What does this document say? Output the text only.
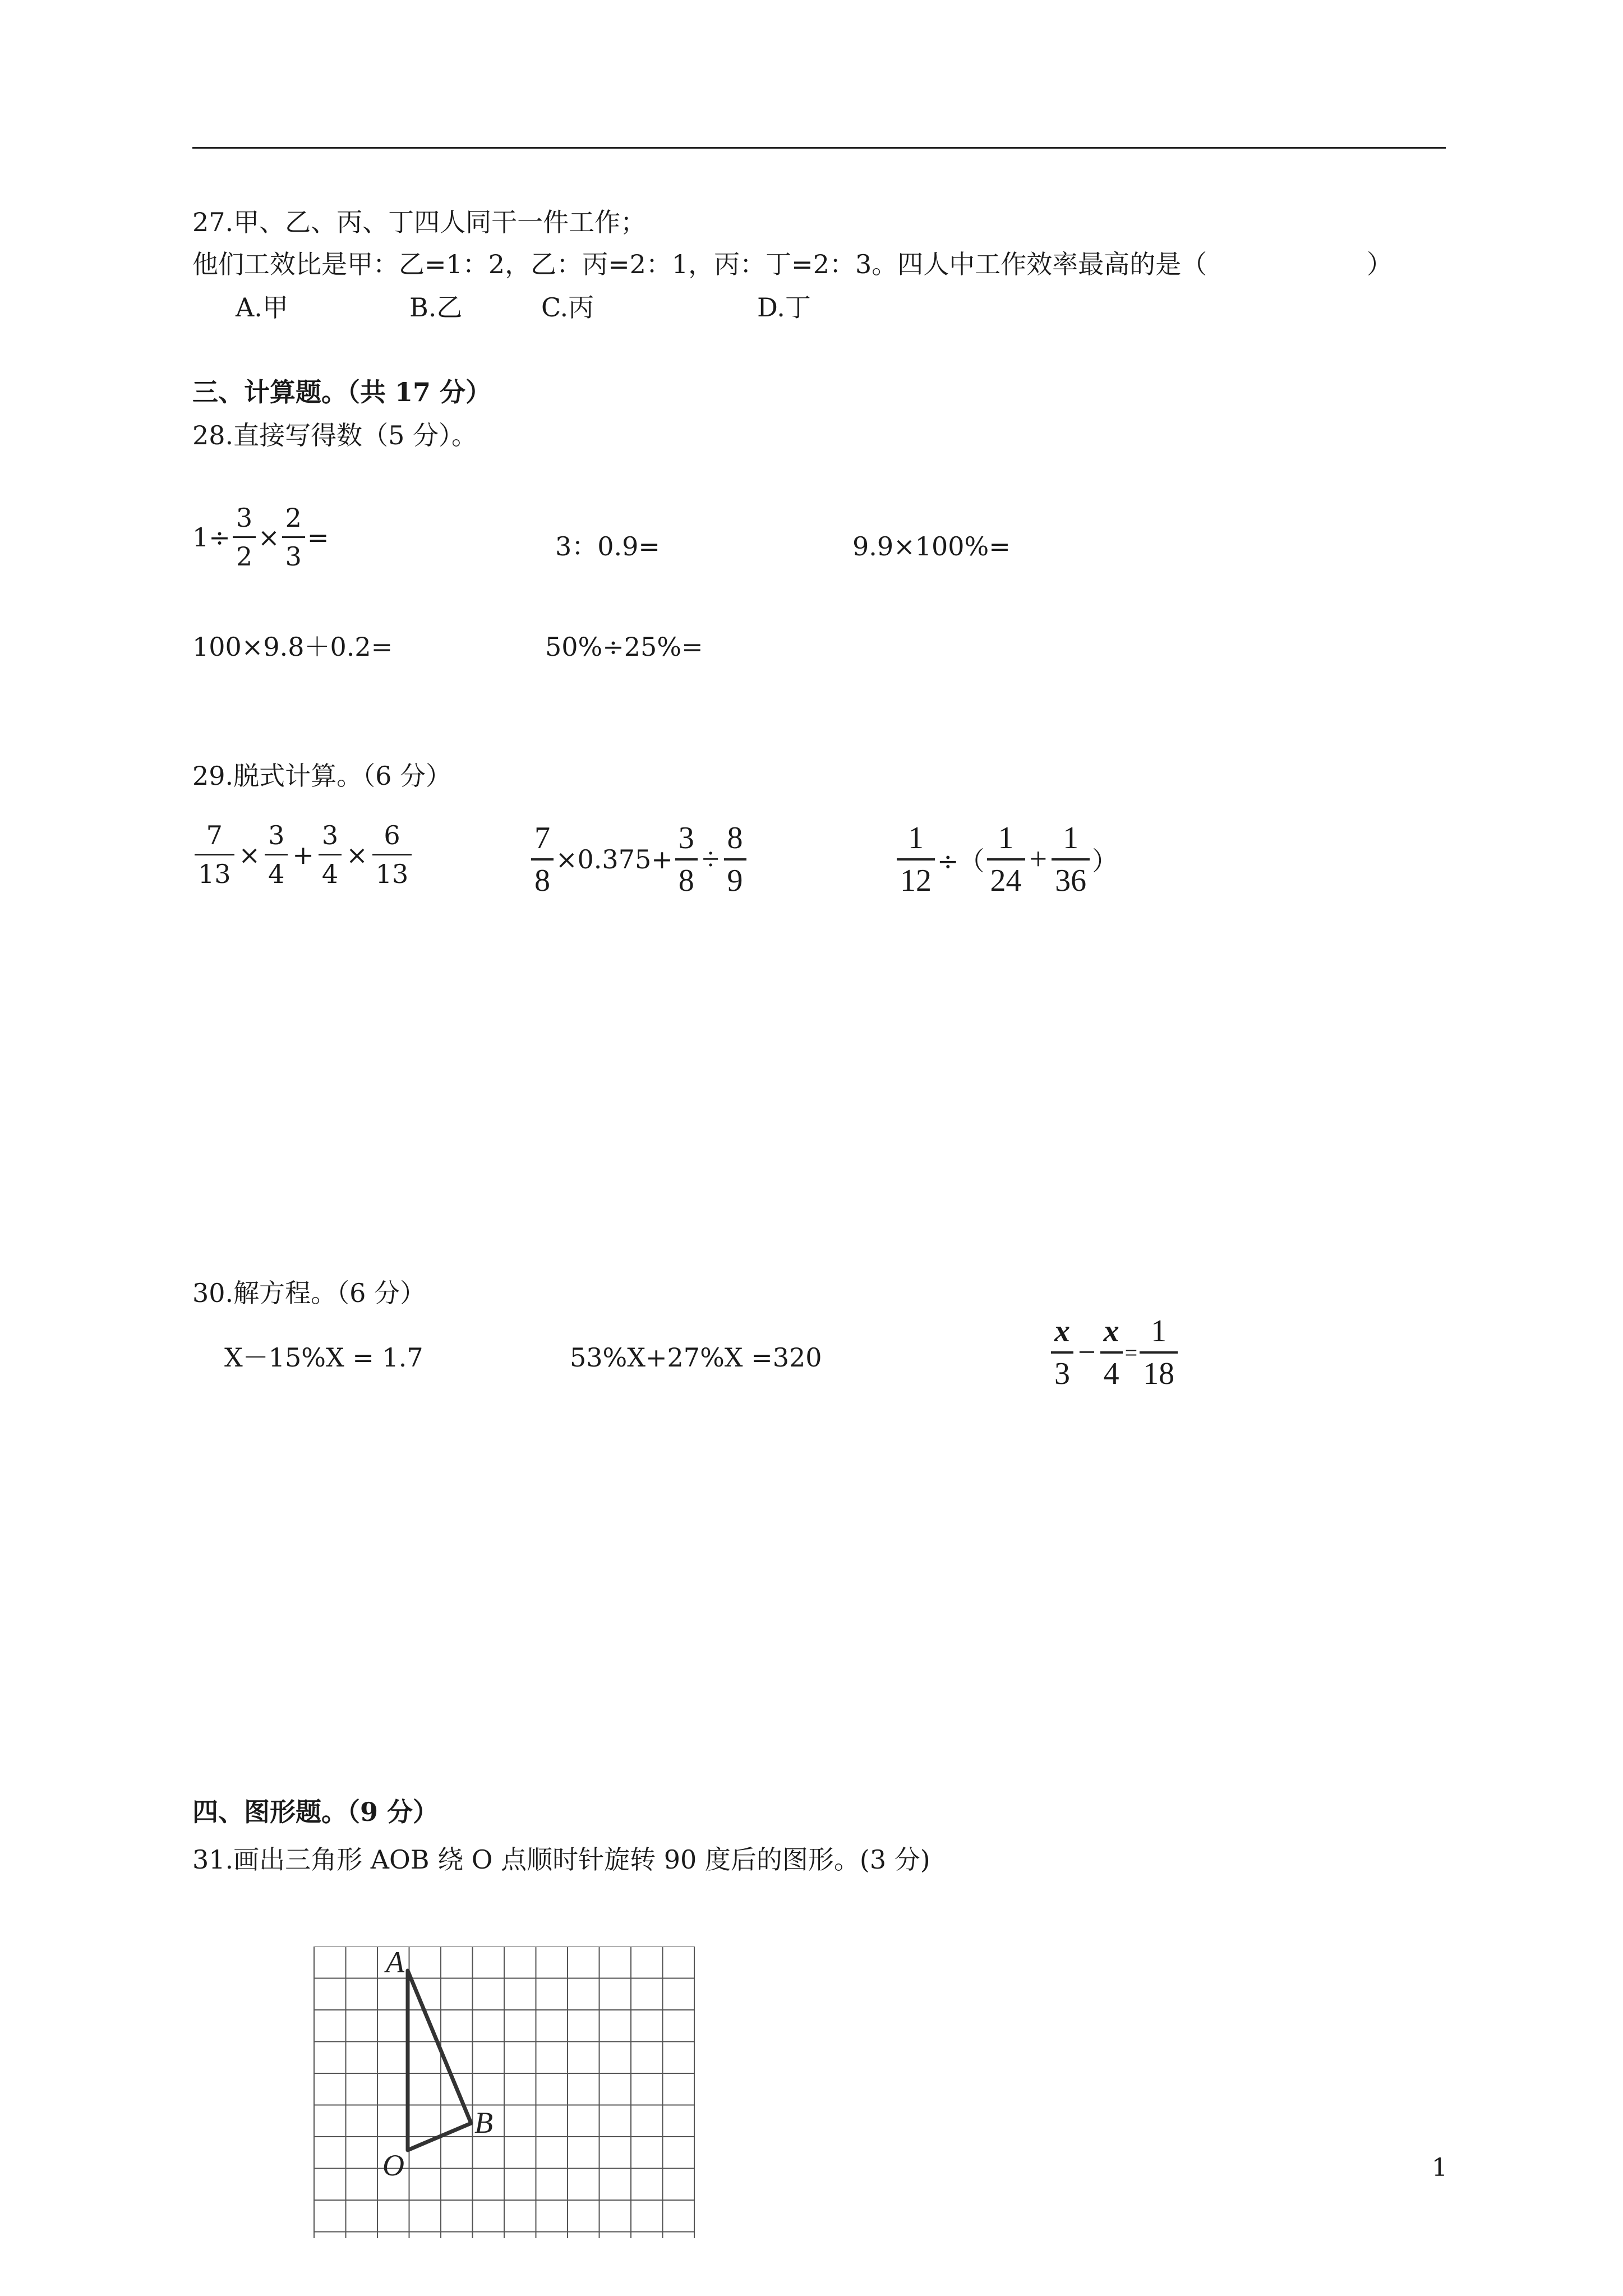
27.甲、乙、丙、丁四人同干一件工作；
他们工效比是甲：乙=1：2，乙：丙=2：1，丙：丁=2：3。四人中工作效率最高的是（	）
A.甲	B.乙	C.丙	D.丁
三、计算题。（共 17 分）
28.直接写得数（5 分）。
$1\div \frac{3}{2} \times \frac{2}{3}$ =	3：0.9=	9.9×100%=
100×9.8＋0.2=	50%÷25%=
29.脱式计算。（6 分）
$\frac{7}{13} \times \frac{3}{4} + \frac{3}{4} \times \frac{6}{13}$	$\frac{7}{8} \times 0.375+ \frac{3}{8} \div \frac{8}{9}$	$\frac{1}{12}$ ÷（ $\frac{1}{24} + \frac{1}{36}$ ）
30.解方程。（6 分）
X－15%X = 1.7	53%X+27%X =320	$\frac{x}{3} - \frac{x}{4} = \frac{1}{18}$
四、图形题。（9 分）
31.画出三角形 AOB 绕 O 点顺时针旋转 90 度后的图形。(3 分)
A
B
O	1
